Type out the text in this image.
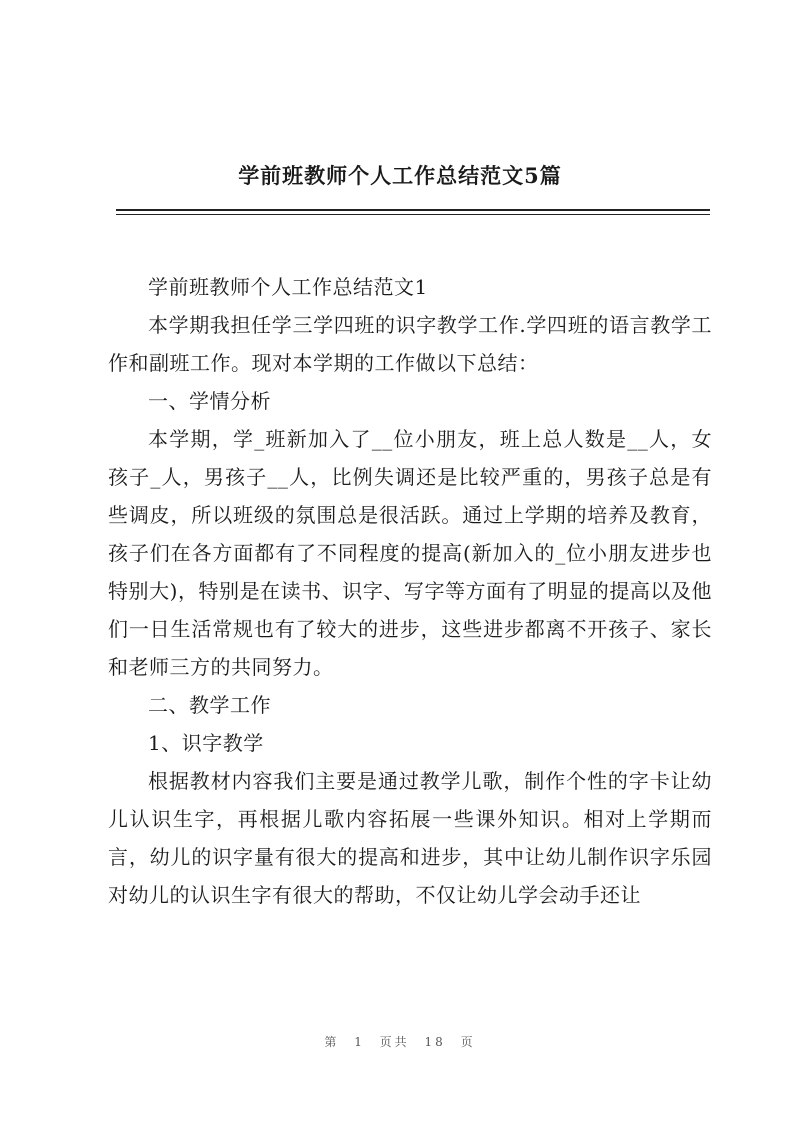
学前班教师个人工作总结范文5篇

学前班教师个人工作总结范文1

本学期我担任学三学四班的识字教学工作.学四班的语言教学工作和副班工作。现对本学期的工作做以下总结：

一、学情分析

本学期，学_班新加入了__位小朋友，班上总人数是__人，女孩子_人，男孩子__人，比例失调还是比较严重的，男孩子总是有些调皮，所以班级的氛围总是很活跃。通过上学期的培养及教育，孩子们在各方面都有了不同程度的提高(新加入的_位小朋友进步也特别大)，特别是在读书、识字、写字等方面有了明显的提高以及他们一日生活常规也有了较大的进步，这些进步都离不开孩子、家长和老师三方的共同努力。

二、教学工作

1、识字教学

根据教材内容我们主要是通过教学儿歌，制作个性的字卡让幼儿认识生字，再根据儿歌内容拓展一些课外知识。相对上学期而言，幼儿的识字量有很大的提高和进步，其中让幼儿制作识字乐园对幼儿的认识生字有很大的帮助，不仅让幼儿学会动手还让

第 1 页共 18 页
